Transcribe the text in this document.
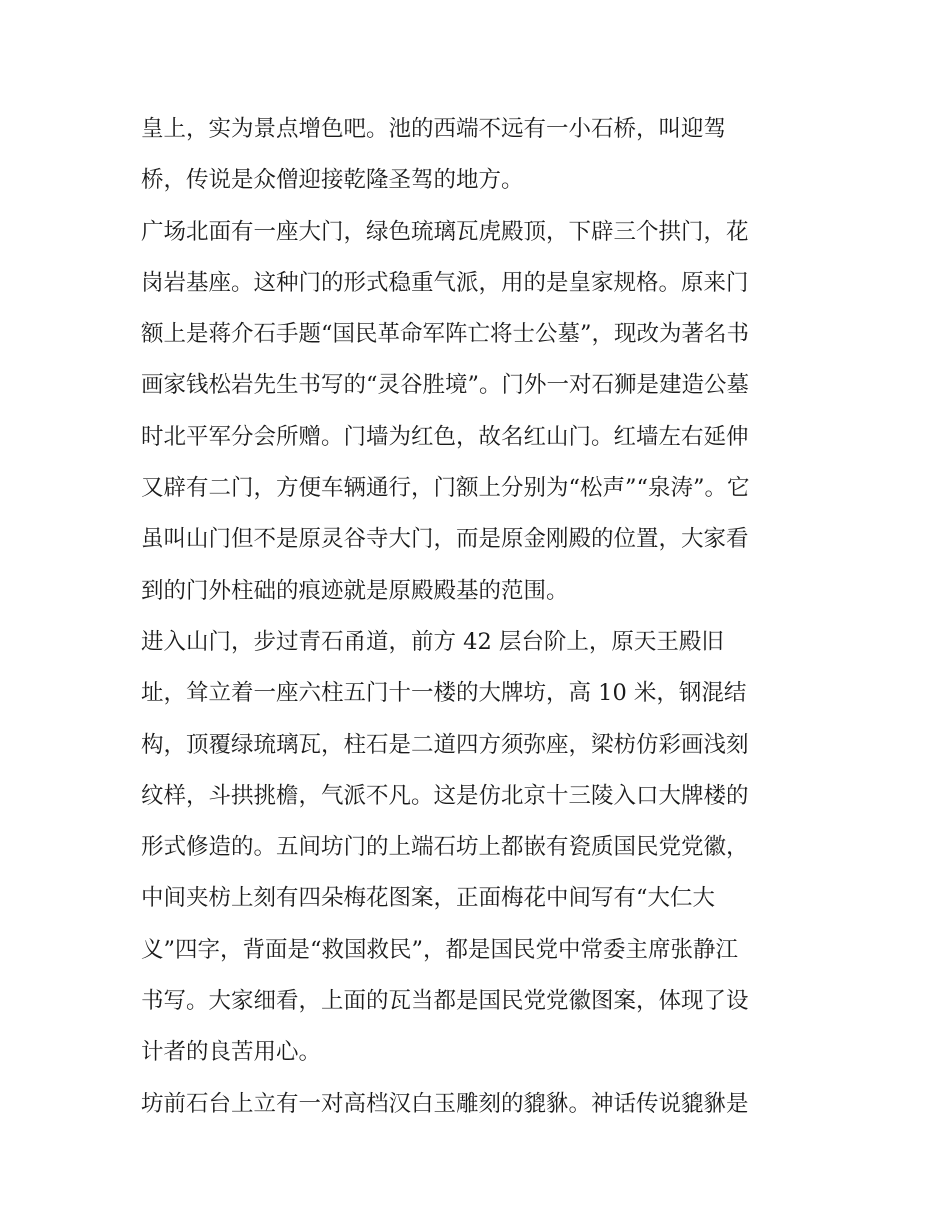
皇上，实为景点增色吧。池的西端不远有一小石桥，叫迎驾
桥，传说是众僧迎接乾隆圣驾的地方。
广场北面有一座大门，绿色琉璃瓦虎殿顶，下辟三个拱门，花
岗岩基座。这种门的形式稳重气派，用的是皇家规格。原来门
额上是蒋介石手题“国民革命军阵亡将士公墓”，现改为著名书
画家钱松岩先生书写的“灵谷胜境”。门外一对石狮是建造公墓
时北平军分会所赠。门墙为红色，故名红山门。红墙左右延伸
又辟有二门，方便车辆通行，门额上分别为“松声”“泉涛”。它
虽叫山门但不是原灵谷寺大门，而是原金刚殿的位置，大家看
到的门外柱础的痕迹就是原殿殿基的范围。
进入山门，步过青石甬道，前方 42 层台阶上，原天王殿旧
址，耸立着一座六柱五门十一楼的大牌坊，高 10 米，钢混结
构，顶覆绿琉璃瓦，柱石是二道四方须弥座，梁枋仿彩画浅刻
纹样，斗拱挑檐，气派不凡。这是仿北京十三陵入口大牌楼的
形式修造的。五间坊门的上端石坊上都嵌有瓷质国民党党徽，
中间夹枋上刻有四朵梅花图案，正面梅花中间写有“大仁大
义”四字，背面是“救国救民”，都是国民党中常委主席张静江
书写。大家细看，上面的瓦当都是国民党党徽图案，体现了设
计者的良苦用心。
坊前石台上立有一对高档汉白玉雕刻的貔貅。神话传说貔貅是
